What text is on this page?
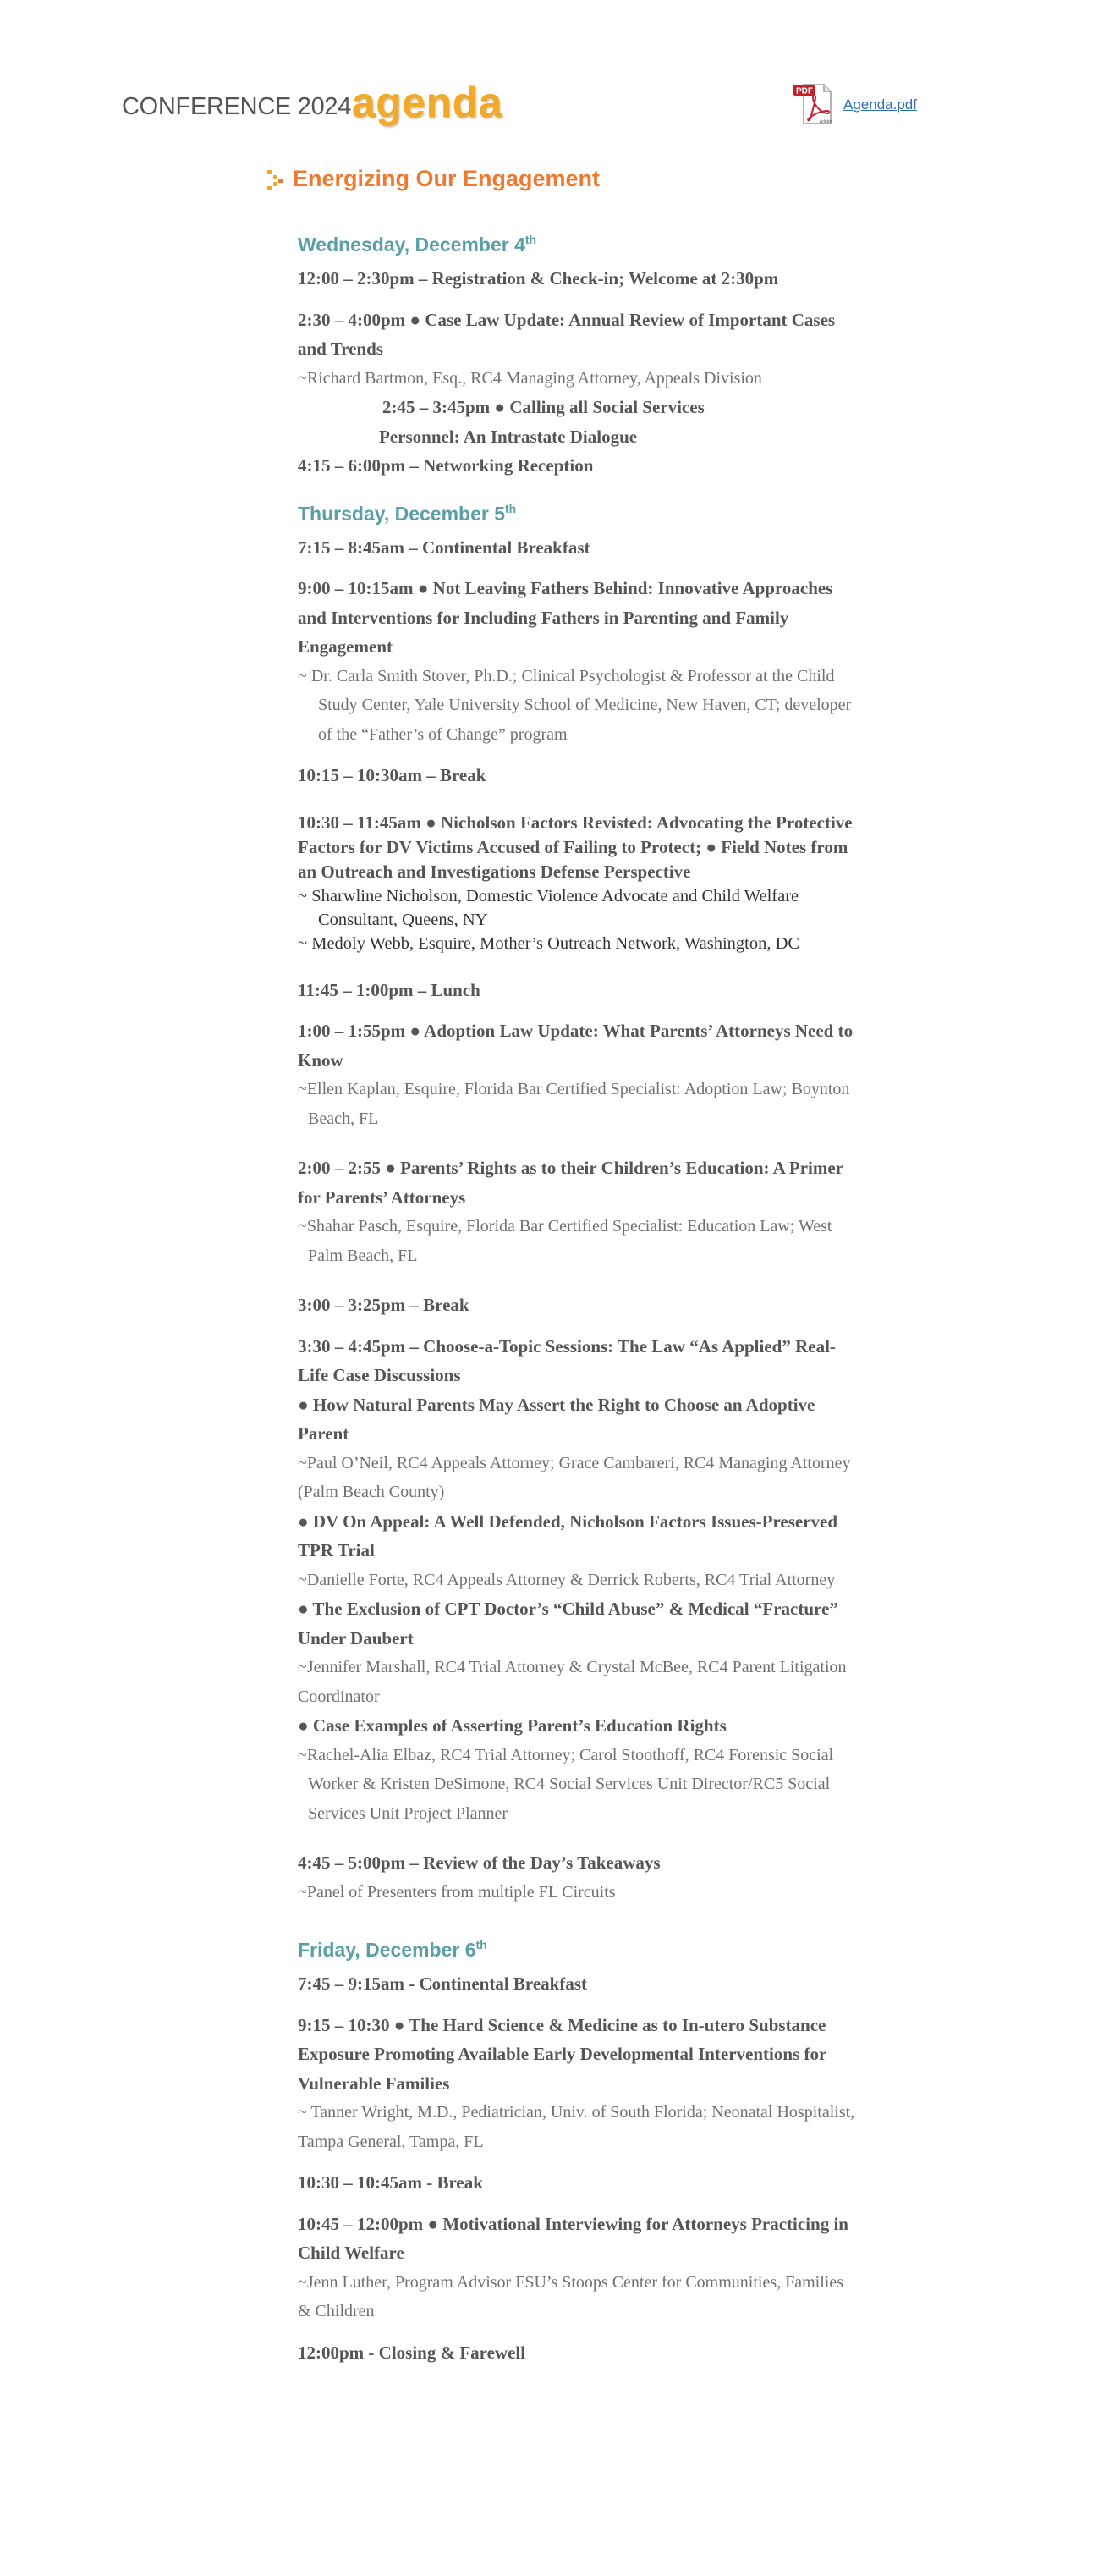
CONFERENCE 2024 agenda	PDF
Adobe
Agenda.pdf
Energizing Our Engagement
Wednesday, December 4th
12:00 – 2:30pm – Registration & Check-in; Welcome at 2:30pm
2:30 – 4:00pm ● Case Law Update: Annual Review of Important Cases and Trends
~Richard Bartmon, Esq., RC4 Managing Attorney, Appeals Division
2:45 – 3:45pm ● Calling all Social Services
Personnel: An Intrastate Dialogue
4:15 – 6:00pm – Networking Reception
Thursday, December 5th
7:15 – 8:45am – Continental Breakfast
9:00 – 10:15am ● Not Leaving Fathers Behind: Innovative Approaches and Interventions for Including Fathers in Parenting and Family Engagement
~ Dr. Carla Smith Stover, Ph.D.; Clinical Psychologist & Professor at the Child Study Center, Yale University School of Medicine, New Haven, CT; developer of the “Father’s of Change” program
10:15 – 10:30am – Break
10:30 – 11:45am ● Nicholson Factors Revisted: Advocating the Protective Factors for DV Victims Accused of Failing to Protect; ● Field Notes from an Outreach and Investigations Defense Perspective
~ Sharwline Nicholson, Domestic Violence Advocate and Child Welfare Consultant, Queens, NY
~ Medoly Webb, Esquire, Mother’s Outreach Network, Washington, DC
11:45 – 1:00pm – Lunch
1:00 – 1:55pm ● Adoption Law Update: What Parents’ Attorneys Need to Know
~Ellen Kaplan, Esquire, Florida Bar Certified Specialist: Adoption Law; Boynton Beach, FL
2:00 – 2:55 ● Parents’ Rights as to their Children’s Education: A Primer for Parents’ Attorneys
~Shahar Pasch, Esquire, Florida Bar Certified Specialist: Education Law; West Palm Beach, FL
3:00 – 3:25pm – Break
3:30 – 4:45pm – Choose-a-Topic Sessions: The Law “As Applied” Real-Life Case Discussions
● How Natural Parents May Assert the Right to Choose an Adoptive Parent
~Paul O’Neil, RC4 Appeals Attorney; Grace Cambareri, RC4 Managing Attorney (Palm Beach County)
● DV On Appeal: A Well Defended, Nicholson Factors Issues-Preserved TPR Trial
~Danielle Forte, RC4 Appeals Attorney & Derrick Roberts, RC4 Trial Attorney
● The Exclusion of CPT Doctor’s “Child Abuse” & Medical “Fracture” Under Daubert
~Jennifer Marshall, RC4 Trial Attorney & Crystal McBee, RC4 Parent Litigation Coordinator
● Case Examples of Asserting Parent’s Education Rights
~Rachel-Alia Elbaz, RC4 Trial Attorney; Carol Stoothoff, RC4 Forensic Social Worker & Kristen DeSimone, RC4 Social Services Unit Director/RC5 Social Services Unit Project Planner
4:45 – 5:00pm – Review of the Day’s Takeaways
~Panel of Presenters from multiple FL Circuits
Friday, December 6th
7:45 – 9:15am - Continental Breakfast
9:15 – 10:30 ● The Hard Science & Medicine as to In-utero Substance Exposure Promoting Available Early Developmental Interventions for Vulnerable Families
~ Tanner Wright, M.D., Pediatrician, Univ. of South Florida; Neonatal Hospitalist, Tampa General, Tampa, FL
10:30 – 10:45am - Break
10:45 – 12:00pm ● Motivational Interviewing for Attorneys Practicing in Child Welfare
~Jenn Luther, Program Advisor FSU’s Stoops Center for Communities, Families & Children
12:00pm - Closing & Farewell
